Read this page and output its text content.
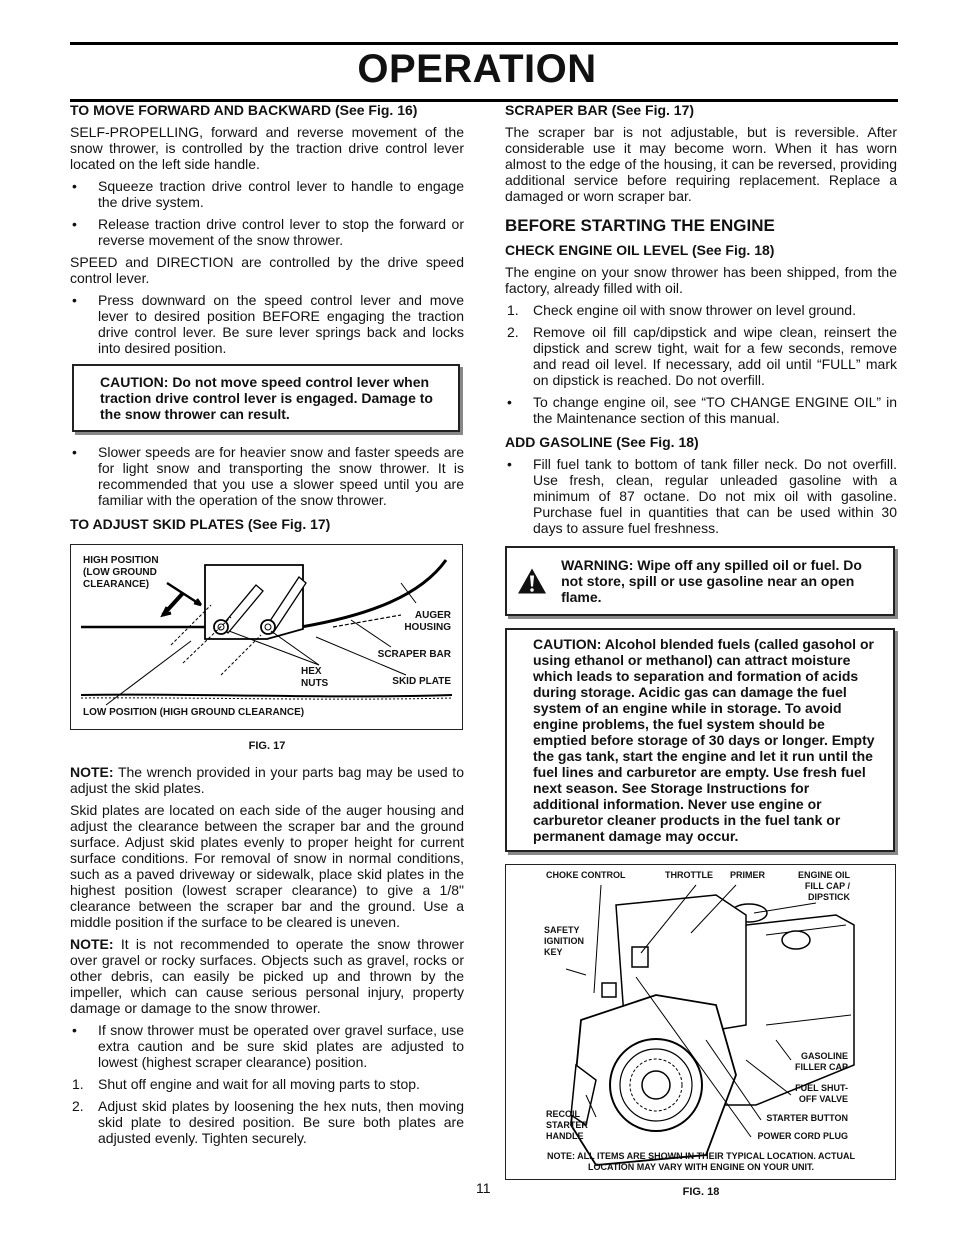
OPERATION
TO MOVE FORWARD AND BACKWARD (See Fig. 16)

SELF-PROPELLING, forward and reverse movement of the snow thrower, is controlled by the traction drive control lever located on the left side handle.

• Squeeze traction drive control lever to handle to engage the drive system.
• Release traction drive control lever to stop the forward or reverse movement of the snow thrower.

SPEED and DIRECTION are controlled by the drive speed control lever.

• Press downward on the speed control lever and move lever to desired position BEFORE engaging the traction drive control lever. Be sure lever springs back and locks into desired position.
CAUTION: Do not move speed control lever when traction drive control lever is engaged. Damage to the snow thrower can result.
• Slower speeds are for heavier snow and faster speeds are for light snow and transporting the snow thrower. It is recommended that you use a slower speed until you are familiar with the operation of the snow thrower.
TO ADJUST SKID PLATES (See Fig. 17)
HIGH POSITION (LOW GROUND CLEARANCE)
AUGER HOUSING
SCRAPER BAR
HEX NUTS	SKID PLATE
LOW POSITION (HIGH GROUND CLEARANCE)
FIG. 17

NOTE: The wrench provided in your parts bag may be used to adjust the skid plates.

Skid plates are located on each side of the auger housing and adjust the clearance between the scraper bar and the ground surface. Adjust skid plates evenly to proper height for current surface conditions. For removal of snow in normal conditions, such as a paved driveway or sidewalk, place skid plates in the highest position (lowest scraper clearance) to give a 1/8" clearance between the scraper bar and the ground. Use a middle position if the surface to be cleared is uneven.

NOTE: It is not recommended to operate the snow thrower over gravel or rocky surfaces. Objects such as gravel, rocks or other debris, can easily be picked up and thrown by the impeller, which can cause serious personal injury, property damage or damage to the snow thrower.

• If snow thrower must be operated over gravel surface, use extra caution and be sure skid plates are adjusted to lowest (highest scraper clearance) position.
1. Shut off engine and wait for all moving parts to stop.
2. Adjust skid plates by loosening the hex nuts, then moving skid plate to desired position. Be sure both plates are adjusted evenly. Tighten securely.
SCRAPER BAR (See Fig. 17)

The scraper bar is not adjustable, but is reversible. After considerable use it may become worn. When it has worn almost to the edge of the housing, it can be reversed, providing additional service before requiring replacement. Replace a damaged or worn scraper bar.

BEFORE STARTING THE ENGINE
CHECK ENGINE OIL LEVEL (See Fig. 18)

The engine on your snow thrower has been shipped, from the factory, already filled with oil.

1. Check engine oil with snow thrower on level ground.
2. Remove oil fill cap/dipstick and wipe clean, reinsert the dipstick and screw tight, wait for a few seconds, remove and read oil level. If necessary, add oil until “FULL” mark on dipstick is reached. Do not overfill.
• To change engine oil, see “TO CHANGE ENGINE OIL” in the Maintenance section of this manual.
ADD GASOLINE (See Fig. 18)
• Fill fuel tank to bottom of tank filler neck. Do not overfill. Use fresh, clean, regular unleaded gasoline with a minimum of 87 octane. Do not mix oil with gasoline. Purchase fuel in quantities that can be used within 30 days to assure fuel freshness.
WARNING: Wipe off any spilled oil or fuel. Do not store, spill or use gasoline near an open flame.
CAUTION: Alcohol blended fuels (called gasohol or using ethanol or methanol) can attract moisture which leads to separation and formation of acids during storage. Acidic gas can damage the fuel system of an engine while in storage. To avoid engine problems, the fuel system should be emptied before storage of 30 days or longer. Empty the gas tank, start the engine and let it run until the fuel lines and carburetor are empty. Use fresh fuel next season. See Storage Instructions for additional information. Never use engine or carburetor cleaner products in the fuel tank or permanent damage may occur.
CHOKE CONTROL	THROTTLE PRIMER	ENGINE OIL FILL CAP / DIPSTICK
SAFETY IGNITION KEY
GASOLINE FILLER CAP
FUEL SHUT-OFF VALVE
RECOIL STARTER HANDLE
STARTER BUTTON
POWER CORD PLUG
NOTE: ALL ITEMS ARE SHOWN IN THEIR TYPICAL LOCATION. ACTUAL LOCATION MAY VARY WITH ENGINE ON YOUR UNIT.
FIG. 18
11
